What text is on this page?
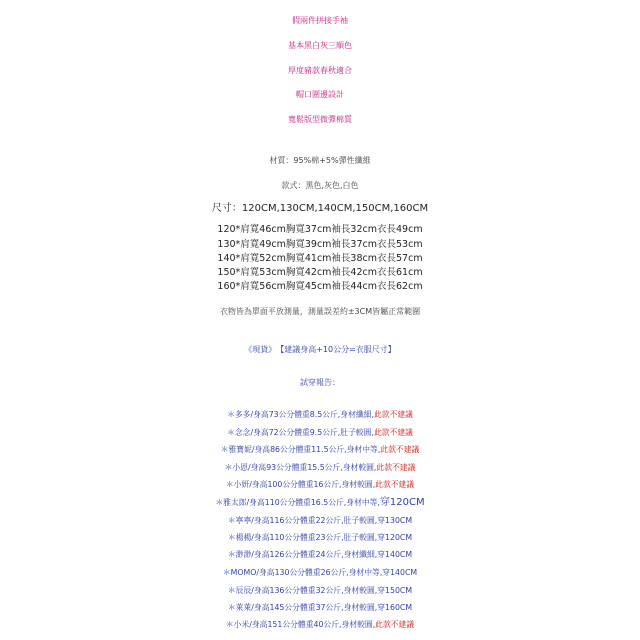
假兩件拼接手袖
基本黑白灰三順色
厚度豬款春秋適合
帽口圍邊設計
寬鬆版型微彈棉質
材質：95%棉+5%彈性纖維
款式：黑色,灰色,白色
尺寸：120CM,130CM,140CM,150CM,160CM
120*肩寬46cm胸寬37cm袖長32cm衣長49cm
130*肩寬49cm胸寬39cm袖長37cm衣長53cm
140*肩寬52cm胸寬41cm袖長38cm衣長57cm
150*肩寬53cm胸寬42cm袖長42cm衣長61cm
160*肩寬56cm胸寬45cm袖長44cm衣長62cm
衣物皆為單面平放測量，測量誤差約±3CM皆屬正常範圍
《現貨》 【建議身高+10公分=衣服尺寸】
試穿報告：
＊多多/身高73公分體重8.5公斤,身材纖細,此款不建議
＊念念/身高72公分體重9.5公斤,肚子較圓,此款不建議
＊雅寶妮/身高86公分體重11.5公斤,身材中等,此款不建議
＊小恩/身高93公分體重15.5公斤,身材較圓,此款不建議
＊小妍/身高100公分體重16公斤,身材較圓,此款不建議
＊雅太郎/身高110公分體重16.5公斤,身材中等,穿120CM
＊寧寧/身高116公分體重22公斤,肚子較圓,穿130CM
＊楊楊/身高110公分體重23公斤,肚子較圓,穿120CM
＊渺渺/身高126公分體重24公斤,身材纖細,穿140CM
＊MOMO/身高130公分體重26公斤,身材中等,穿140CM
＊辰辰/身高136公分體重32公斤,身材較圓,穿150CM
＊萊萊/身高145公分體重37公斤,身材較圓,穿160CM
＊小米/身高151公分體重40公斤,身材較圓,此款不建議
